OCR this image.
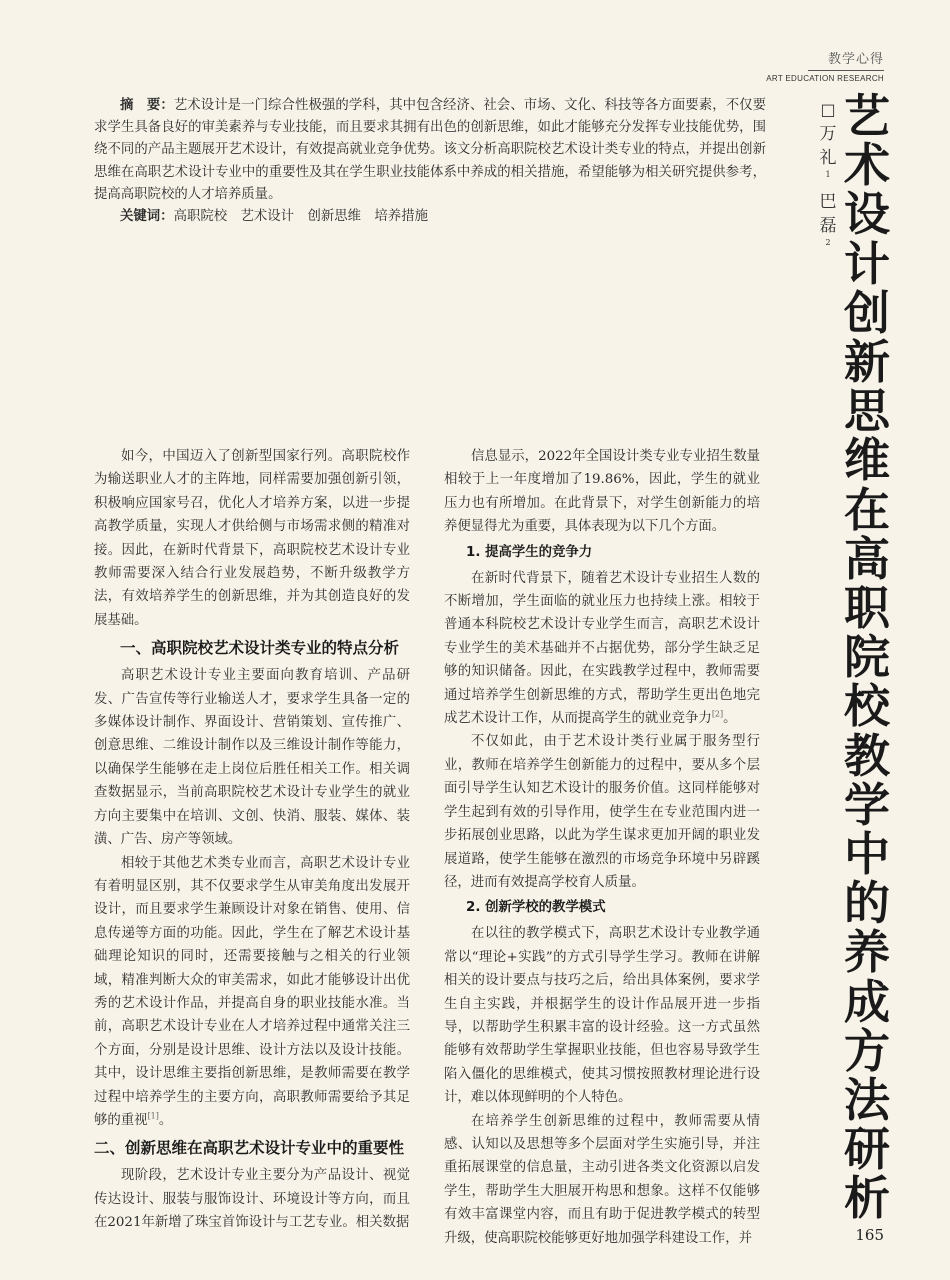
教学心得
ART EDUCATION RESEARCH
艺术设计创新思维在高职院校教学中的养成方法研析
□
万礼
1
巴磊
2

摘　要：艺术设计是一门综合性极强的学科，其中包含经济、社会、市场、文化、科技等各方面要素，不仅要求学生具备良好的审美素养与专业技能，而且要求其拥有出色的创新思维，如此才能够充分发挥专业技能优势，围绕不同的产品主题展开艺术设计，有效提高就业竞争优势。该文分析高职院校艺术设计类专业的特点，并提出创新思维在高职艺术设计专业中的重要性及其在学生职业技能体系中养成的相关措施，希望能够为相关研究提供参考，提高高职院校的人才培养质量。

关键词：高职院校　艺术设计　创新思维　培养措施

如今，中国迈入了创新型国家行列。高职院校作为输送职业人才的主阵地，同样需要加强创新引领，积极响应国家号召，优化人才培养方案，以进一步提高教学质量，实现人才供给侧与市场需求侧的精准对接。因此，在新时代背景下，高职院校艺术设计专业教师需要深入结合行业发展趋势，不断升级教学方法，有效培养学生的创新思维，并为其创造良好的发展基础。

一、高职院校艺术设计类专业的特点分析

高职艺术设计专业主要面向教育培训、产品研发、广告宣传等行业输送人才，要求学生具备一定的多媒体设计制作、界面设计、营销策划、宣传推广、创意思维、二维设计制作以及三维设计制作等能力，以确保学生能够在走上岗位后胜任相关工作。相关调查数据显示，当前高职院校艺术设计专业学生的就业方向主要集中在培训、文创、快消、服装、媒体、装潢、广告、房产等领域。

相较于其他艺术类专业而言，高职艺术设计专业有着明显区别，其不仅要求学生从审美角度出发展开设计，而且要求学生兼顾设计对象在销售、使用、信息传递等方面的功能。因此，学生在了解艺术设计基础理论知识的同时，还需要接触与之相关的行业领域，精准判断大众的审美需求，如此才能够设计出优秀的艺术设计作品，并提高自身的职业技能水准。当前，高职艺术设计专业在人才培养过程中通常关注三个方面，分别是设计思维、设计方法以及设计技能。其中，设计思维主要指创新思维，是教师需要在教学过程中培养学生的主要方向，高职教师需要给予其足够的重视[1]。

二、创新思维在高职艺术设计专业中的重要性

现阶段，艺术设计专业主要分为产品设计、视觉传达设计、服装与服饰设计、环境设计等方向，而且在2021年新增了珠宝首饰设计与工艺专业。相关数据

信息显示，2022年全国设计类专业专业招生数量相较于上一年度增加了19.86%，因此，学生的就业压力也有所增加。在此背景下，对学生创新能力的培养便显得尤为重要，具体表现为以下几个方面。

1. 提高学生的竞争力

在新时代背景下，随着艺术设计专业招生人数的不断增加，学生面临的就业压力也持续上涨。相较于普通本科院校艺术设计专业学生而言，高职艺术设计专业学生的美术基础并不占据优势，部分学生缺乏足够的知识储备。因此，在实践教学过程中，教师需要通过培养学生创新思维的方式，帮助学生更出色地完成艺术设计工作，从而提高学生的就业竞争力[2]。

不仅如此，由于艺术设计类行业属于服务型行业，教师在培养学生创新能力的过程中，要从多个层面引导学生认知艺术设计的服务价值。这同样能够对学生起到有效的引导作用，使学生在专业范围内进一步拓展创业思路，以此为学生谋求更加开阔的职业发展道路，使学生能够在激烈的市场竞争环境中另辟蹊径，进而有效提高学校育人质量。

2. 创新学校的教学模式

在以往的教学模式下，高职艺术设计专业教学通常以“理论+实践”的方式引导学生学习。教师在讲解相关的设计要点与技巧之后，给出具体案例，要求学生自主实践，并根据学生的设计作品展开进一步指导，以帮助学生积累丰富的设计经验。这一方式虽然能够有效帮助学生掌握职业技能，但也容易导致学生陷入僵化的思维模式，使其习惯按照教材理论进行设计，难以体现鲜明的个人特色。

在培养学生创新思维的过程中，教师需要从情感、认知以及思想等多个层面对学生实施引导，并注重拓展课堂的信息量，主动引进各类文化资源以启发学生，帮助学生大胆展开构思和想象。这样不仅能够有效丰富课堂内容，而且有助于促进教学模式的转型升级，使高职院校能够更好地加强学科建设工作，并	165
